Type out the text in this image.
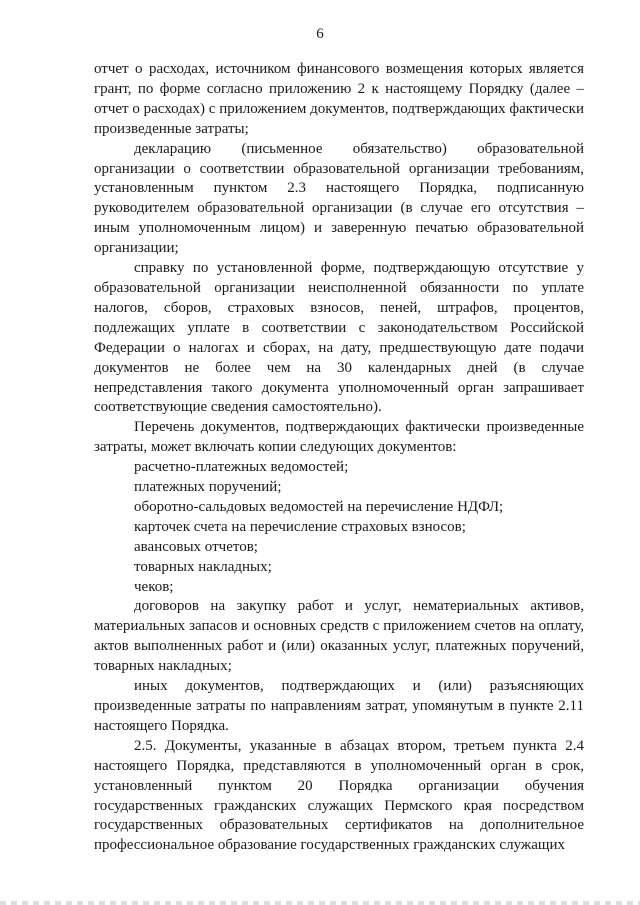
6

отчет о расходах, источником финансового возмещения которых является грант, по форме согласно приложению 2 к настоящему Порядку (далее – отчет о расходах) с приложением документов, подтверждающих фактически произведенные затраты;

декларацию (письменное обязательство) образовательной организации о соответствии образовательной организации требованиям, установленным пунктом 2.3 настоящего Порядка, подписанную руководителем образовательной организации (в случае его отсутствия – иным уполномоченным лицом) и заверенную печатью образовательной организации;

справку по установленной форме, подтверждающую отсутствие у образовательной организации неисполненной обязанности по уплате налогов, сборов, страховых взносов, пеней, штрафов, процентов, подлежащих уплате в соответствии с законодательством Российской Федерации о налогах и сборах, на дату, предшествующую дате подачи документов не более чем на 30 календарных дней (в случае непредставления такого документа уполномоченный орган запрашивает соответствующие сведения самостоятельно).

Перечень документов, подтверждающих фактически произведенные затраты, может включать копии следующих документов:

расчетно-платежных ведомостей;

платежных поручений;

оборотно-сальдовых ведомостей на перечисление НДФЛ;

карточек счета на перечисление страховых взносов;

авансовых отчетов;

товарных накладных;

чеков;

договоров на закупку работ и услуг, нематериальных активов, материальных запасов и основных средств с приложением счетов на оплату, актов выполненных работ и (или) оказанных услуг, платежных поручений, товарных накладных;

иных документов, подтверждающих и (или) разъясняющих произведенные затраты по направлениям затрат, упомянутым в пункте 2.11 настоящего Порядка.

2.5. Документы, указанные в абзацах втором, третьем пункта 2.4 настоящего Порядка, представляются в уполномоченный орган в срок, установленный пунктом 20 Порядка организации обучения государственных гражданских служащих Пермского края посредством государственных образовательных сертификатов на дополнительное профессиональное образование государственных гражданских служащих
